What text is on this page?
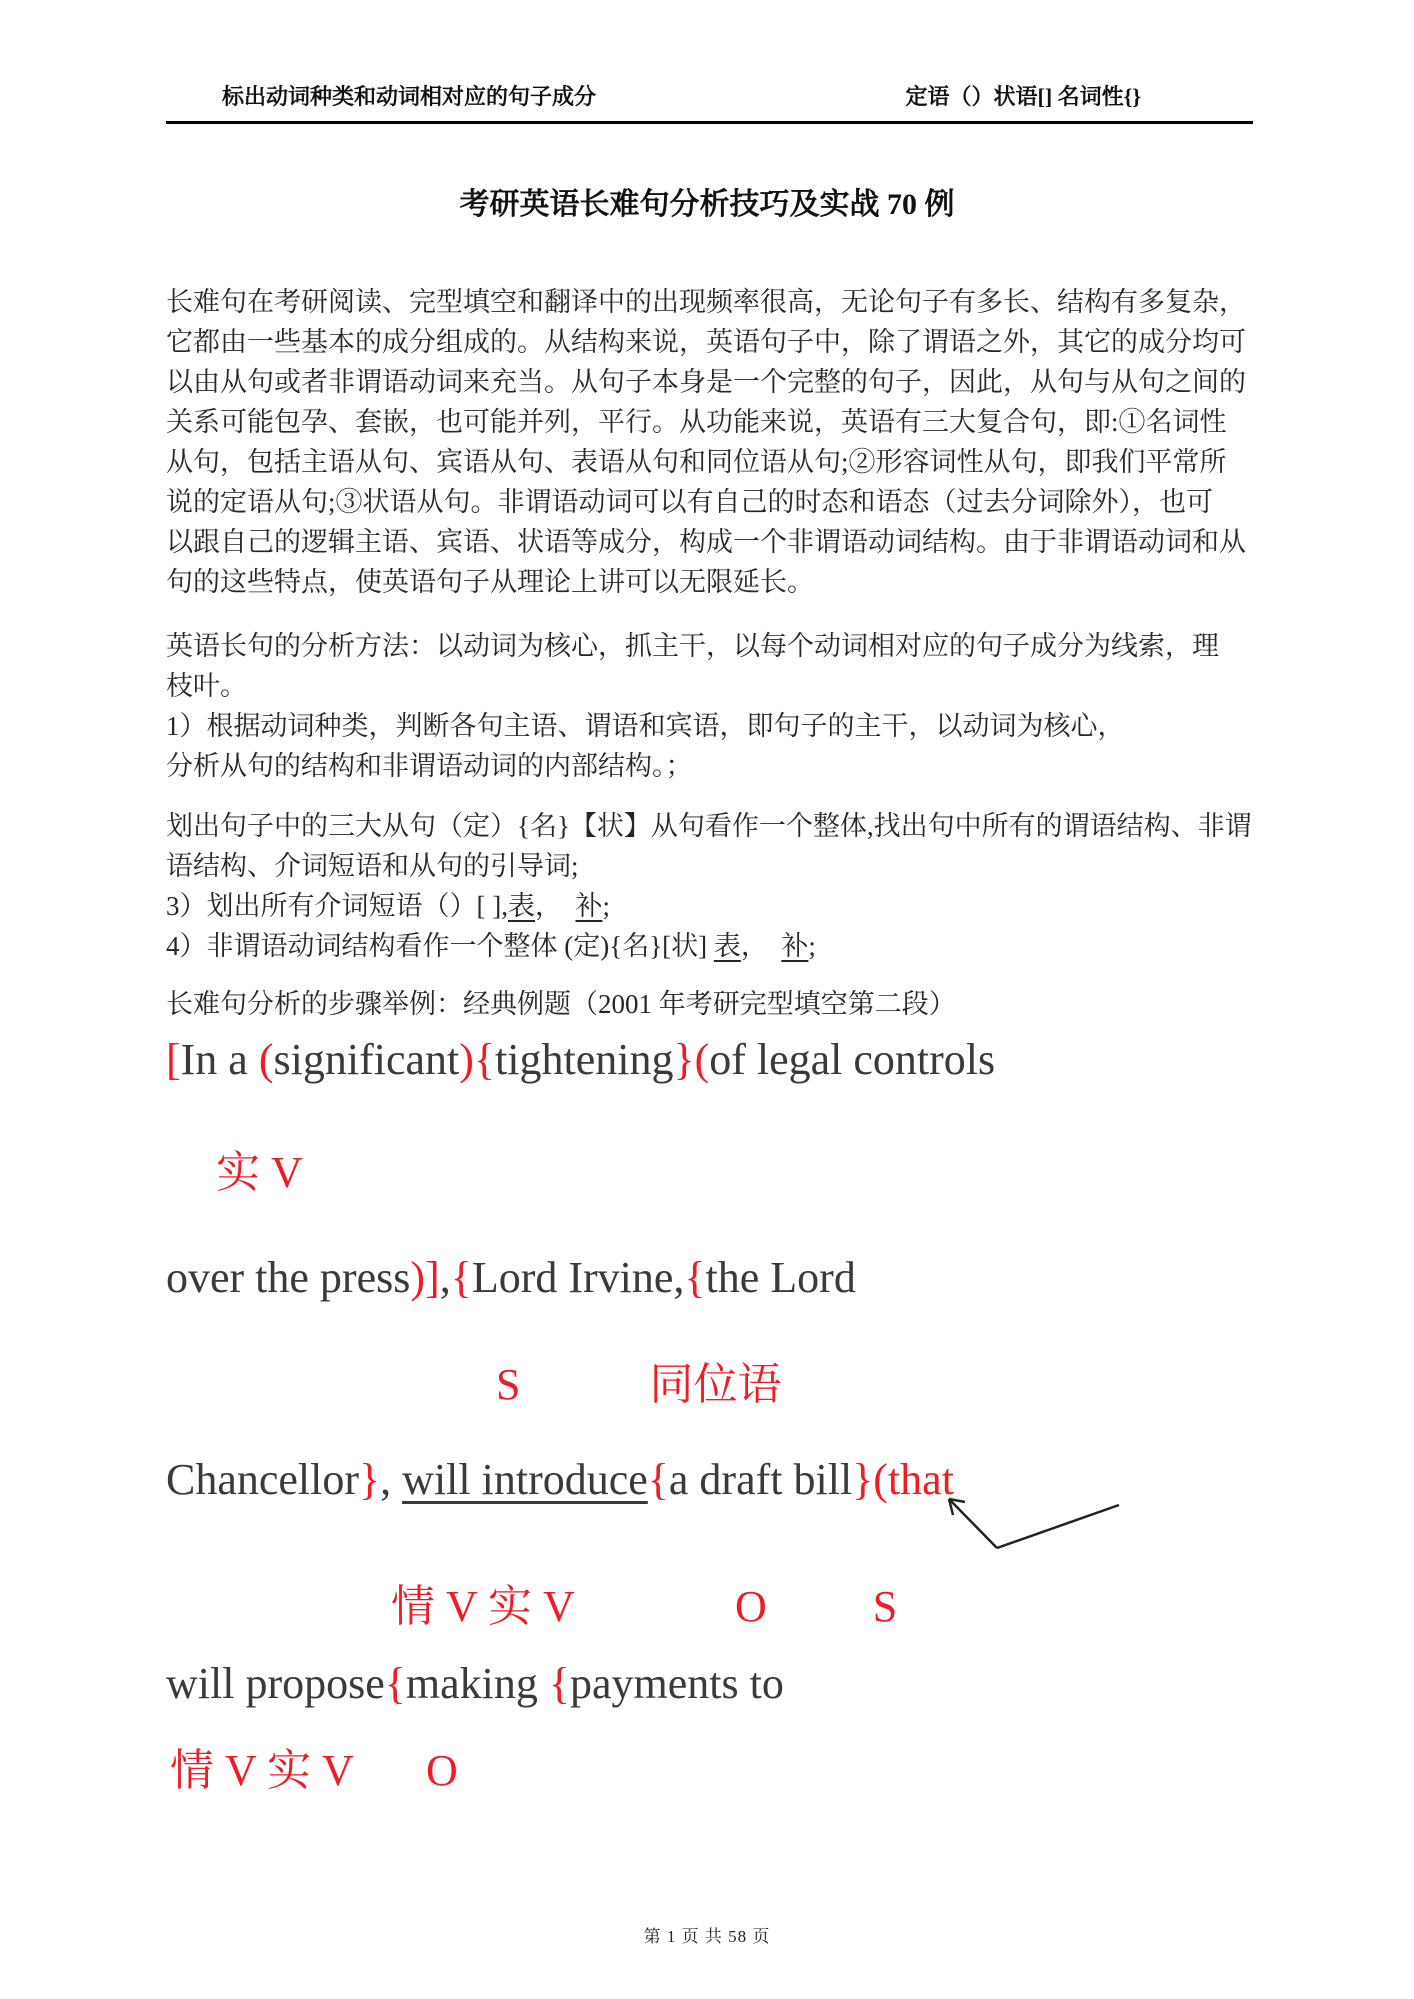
标出动词种类和动词相对应的句子成分	定语（）状语[] 名词性{}
考研英语长难句分析技巧及实战 70 例
长难句在考研阅读、完型填空和翻译中的出现频率很高，无论句子有多长、结构有多复杂，
它都由一些基本的成分组成的。从结构来说，英语句子中，除了谓语之外，其它的成分均可
以由从句或者非谓语动词来充当。从句子本身是一个完整的句子，因此，从句与从句之间的
关系可能包孕、套嵌，也可能并列，平行。从功能来说，英语有三大复合句，即:①名词性
从句，包括主语从句、宾语从句、表语从句和同位语从句;②形容词性从句，即我们平常所
说的定语从句;③状语从句。非谓语动词可以有自己的时态和语态（过去分词除外），也可
以跟自己的逻辑主语、宾语、状语等成分，构成一个非谓语动词结构。由于非谓语动词和从
句的这些特点，使英语句子从理论上讲可以无限延长。
英语长句的分析方法：以动词为核心，抓主干，以每个动词相对应的句子成分为线索，理
枝叶。
1）根据动词种类，判断各句主语、谓语和宾语，即句子的主干，以动词为核心，
分析从句的结构和非谓语动词的内部结构。；
划出句子中的三大从句（定）{名}【状】从句看作一个整体,找出句中所有的谓语结构、非谓
语结构、介词短语和从句的引导词;
3）划出所有介词短语（）[ ],表，　补;
4）非谓语动词结构看作一个整体 (定){名}[状] 表，　补;
长难句分析的步骤举例：经典例题（2001 年考研完型填空第二段）
[In a (significant){tightening}(of legal controls
实 V
over the press)],{Lord Irvine,{the Lord
S	同位语
Chancellor}, will introduce{a draft bill}(that
情 V 实 V	O S
will propose{making {payments to
情 V 实 V O
第 1 页 共 58 页
